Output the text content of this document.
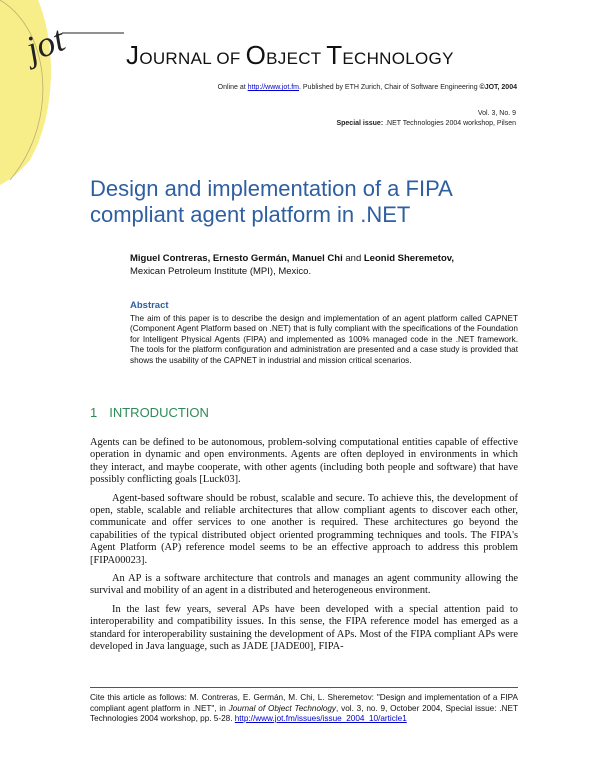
jot JOURNAL OF OBJECT TECHNOLOGY
Online at http://www.jot.fm. Published by ETH Zurich, Chair of Software Engineering ©JOT, 2004
Vol. 3, No. 9
Special issue: .NET Technologies 2004 workshop, Pilsen
Design and implementation of a FIPA compliant agent platform in .NET
Miguel Contreras, Ernesto Germán, Manuel Chi and Leonid Sheremetov,
Mexican Petroleum Institute (MPI), Mexico.
Abstract
The aim of this paper is to describe the design and implementation of an agent platform called CAPNET (Component Agent Platform based on .NET) that is fully compliant with the specifications of the Foundation for Intelligent Physical Agents (FIPA) and implemented as 100% managed code in the .NET framework. The tools for the platform configuration and administration are presented and a case study is provided that shows the usability of the CAPNET in industrial and mission critical scenarios.
1 INTRODUCTION

Agents can be defined to be autonomous, problem-solving computational entities capable of effective operation in dynamic and open environments. Agents are often deployed in environments in which they interact, and maybe cooperate, with other agents (including both people and software) that have possibly conflicting goals [Luck03].

Agent-based software should be robust, scalable and secure. To achieve this, the development of open, stable, scalable and reliable architectures that allow compliant agents to discover each other, communicate and offer services to one another is required. These architectures go beyond the capabilities of the typical distributed object oriented programming techniques and tools. The FIPA's Agent Platform (AP) reference model seems to be an effective approach to address this problem [FIPA00023].

An AP is a software architecture that controls and manages an agent community allowing the survival and mobility of an agent in a distributed and heterogeneous environment.

In the last few years, several APs have been developed with a special attention paid to interoperability and compatibility issues. In this sense, the FIPA reference model has emerged as a standard for interoperability sustaining the development of APs. Most of the FIPA compliant APs were developed in Java language, such as JADE [JADE00], FIPA-

Cite this article as follows: M. Contreras, E. Germán, M. Chi, L. Sheremetov: "Design and implementation of a FIPA compliant agent platform in .NET", in Journal of Object Technology, vol. 3, no. 9, October 2004, Special issue: .NET Technologies 2004 workshop, pp. 5-28. http://www.jot.fm/issues/issue_2004_10/article1
